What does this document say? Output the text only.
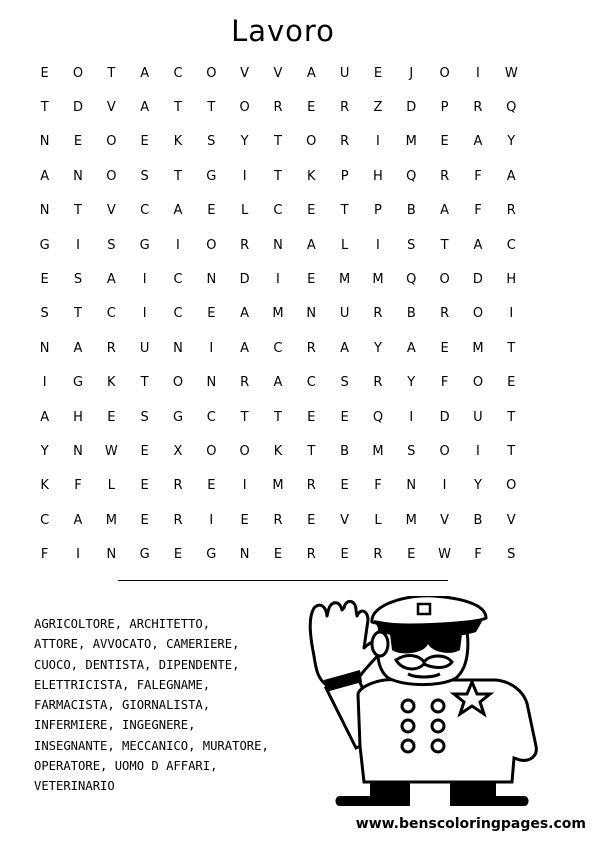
Lavoro
E	O	T	A	C	O	V	V	A	U	E	J	O	I	W
T	D	V	A	T	T	O	R	E	R	Z	D	P	R	Q
N	E	O	E	K	S	Y	T	O	R	I	M	E	A	Y
A	N	O	S	T	G	I	T	K	P	H	Q	R	F	A
N	T	V	C	A	E	L	C	E	T	P	B	A	F	R
G	I	S	G	I	O	R	N	A	L	I	S	T	A	C
E	S	A	I	C	N	D	I	E	M	M	Q	O	D	H
S	T	C	I	C	E	A	M	N	U	R	B	R	O	I
N	A	R	U	N	I	A	C	R	A	Y	A	E	M	T
I	G	K	T	O	N	R	A	C	S	R	Y	F	O	E
A	H	E	S	G	C	T	T	E	E	Q	I	D	U	T
Y	N	W	E	X	O	O	K	T	B	M	S	O	I	T
K	F	L	E	R	E	I	M	R	E	F	N	I	Y	O
C	A	M	E	R	I	E	R	E	V	L	M	V	B	V
F	I	N	G	E	G	N	E	R	E	R	E	W	F	S
AGRICOLTORE, ARCHITETTO,
ATTORE, AVVOCATO, CAMERIERE,
CUOCO, DENTISTA, DIPENDENTE,
ELETTRICISTA, FALEGNAME,
FARMACISTA, GIORNALISTA,
INFERMIERE, INGEGNERE,
INSEGNANTE, MECCANICO, MURATORE,
OPERATORE, UOMO D AFFARI,
VETERINARIO
www.benscoloringpages.com
